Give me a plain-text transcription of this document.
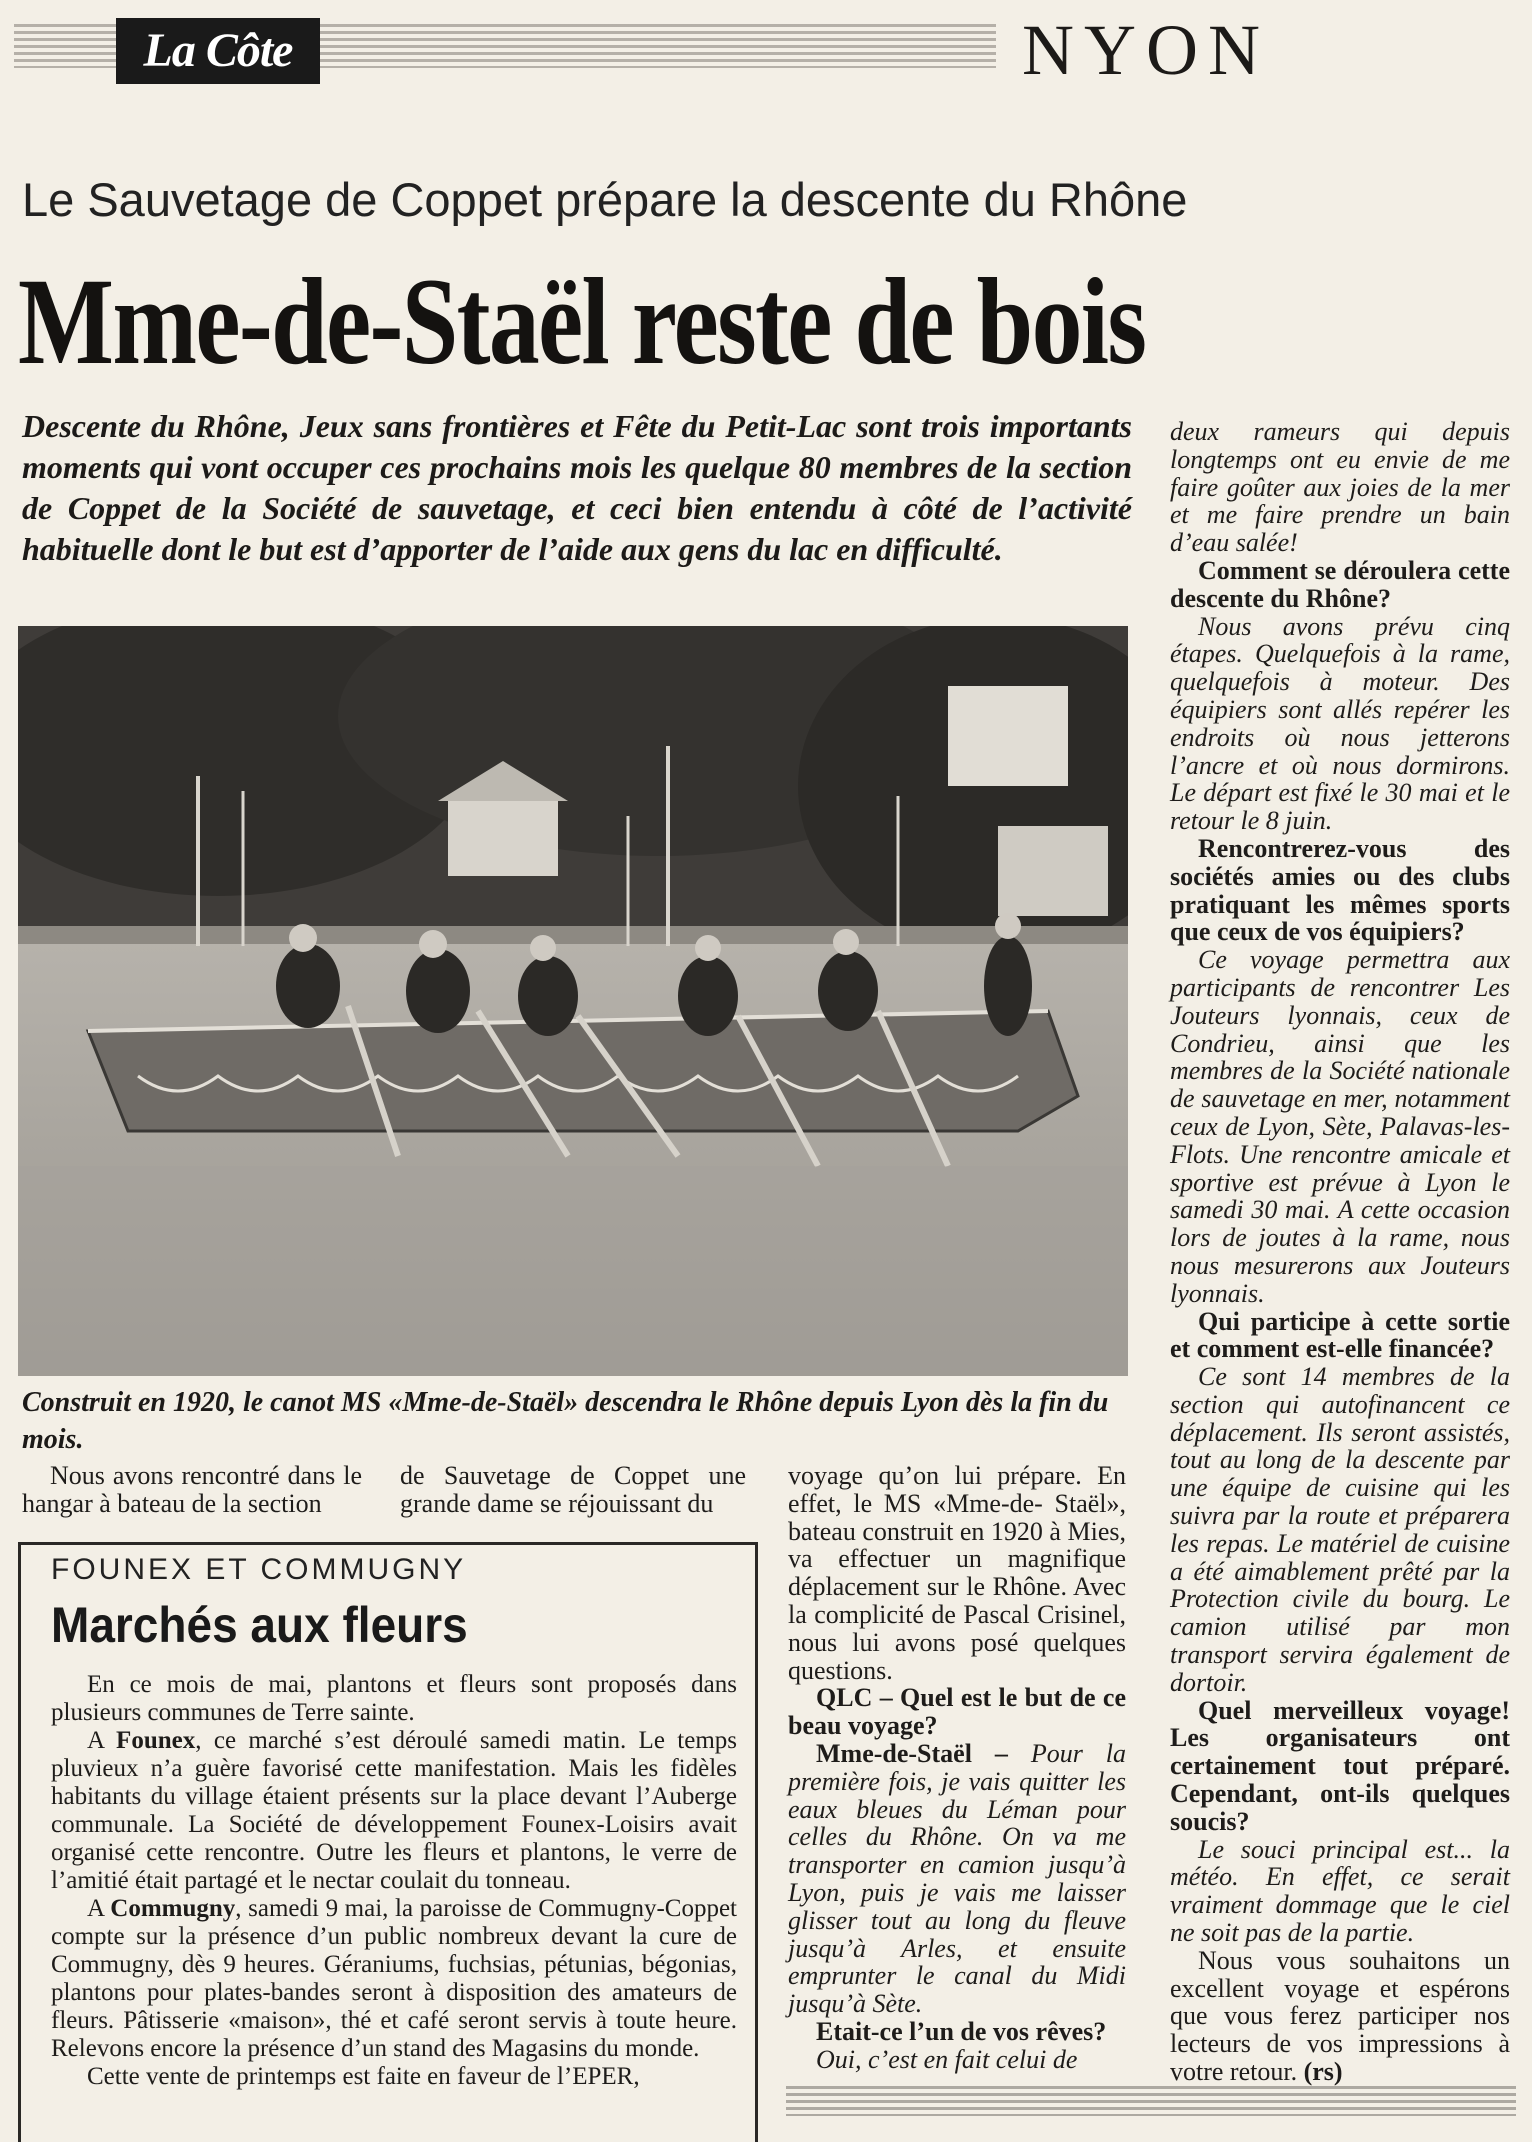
La Côte	NYON
Le Sauvetage de Coppet prépare la descente du Rhône
Mme-de-Staël reste de bois
Descente du Rhône, Jeux sans frontières et Fête du Petit-Lac sont trois importants moments qui vont occuper ces prochains mois les quelque 80 membres de la section de Coppet de la Société de sauvetage, et ceci bien entendu à côté de l’activité habituelle dont le but est d’apporter de l’aide aux gens du lac en difficulté.
Construit en 1920, le canot MS «Mme-de-Staël» descendra le Rhône depuis Lyon dès la fin du mois.

Nous avons rencontré dans le hangar à bateau de la section

de Sauvetage de Coppet une grande dame se réjouissant du

voyage qu’on lui prépare. En effet, le MS «Mme-de- Staël», bateau construit en 1920 à Mies, va effectuer un magnifique déplacement sur le Rhône. Avec la complicité de Pascal Crisinel, nous lui avons posé quelques questions.

QLC – Quel est le but de ce beau voyage?

Mme-de-Staël – Pour la première fois, je vais quitter les eaux bleues du Léman pour celles du Rhône. On va me transporter en camion jusqu’à Lyon, puis je vais me laisser glisser tout au long du fleuve jusqu’à Arles, et ensuite emprunter le canal du Midi jusqu’à Sète.

Etait-ce l’un de vos rêves?

Oui, c’est en fait celui de

deux rameurs qui depuis longtemps ont eu envie de me faire goûter aux joies de la mer et me faire prendre un bain d’eau salée!

Comment se déroulera cette descente du Rhône?

Nous avons prévu cinq étapes. Quelquefois à la rame, quelquefois à moteur. Des équipiers sont allés repérer les endroits où nous jetterons l’ancre et où nous dormirons. Le départ est fixé le 30 mai et le retour le 8 juin.

Rencontrerez-vous des sociétés amies ou des clubs pratiquant les mêmes sports que ceux de vos équipiers?

Ce voyage permettra aux participants de rencontrer Les Jouteurs lyonnais, ceux de Condrieu, ainsi que les membres de la Société nationale de sauvetage en mer, notamment ceux de Lyon, Sète, Palavas-les-Flots. Une rencontre amicale et sportive est prévue à Lyon le samedi 30 mai. A cette occasion lors de joutes à la rame, nous nous mesurerons aux Jouteurs lyonnais.

Qui participe à cette sortie et comment est-elle financée?

Ce sont 14 membres de la section qui autofinancent ce déplacement. Ils seront assistés, tout au long de la descente par une équipe de cuisine qui les suivra par la route et préparera les repas. Le matériel de cuisine a été aimablement prêté par la Protection civile du bourg. Le camion utilisé par mon transport servira également de dortoir.

Quel merveilleux voyage! Les organisateurs ont certainement tout préparé. Cependant, ont-ils quelques soucis?

Le souci principal est... la météo. En effet, ce serait vraiment dommage que le ciel ne soit pas de la partie.

Nous vous souhaitons un excellent voyage et espérons que vous ferez participer nos lecteurs de vos impressions à votre retour. (rs)

FOUNEX ET COMMUGNY
Marchés aux fleurs

En ce mois de mai, plantons et fleurs sont proposés dans plusieurs communes de Terre sainte.

A Founex, ce marché s’est déroulé samedi matin. Le temps pluvieux n’a guère favorisé cette manifestation. Mais les fidèles habitants du village étaient présents sur la place devant l’Auberge communale. La Société de développement Founex-Loisirs avait organisé cette rencontre. Outre les fleurs et plantons, le verre de l’amitié était partagé et le nectar coulait du tonneau.

A Commugny, samedi 9 mai, la paroisse de Commugny-Coppet compte sur la présence d’un public nombreux devant la cure de Commugny, dès 9 heures. Géraniums, fuchsias, pétunias, bégonias, plantons pour plates-bandes seront à disposition des amateurs de fleurs. Pâtisserie «maison», thé et café seront servis à toute heure. Relevons encore la présence d’un stand des Magasins du monde.

Cette vente de printemps est faite en faveur de l’EPER,
